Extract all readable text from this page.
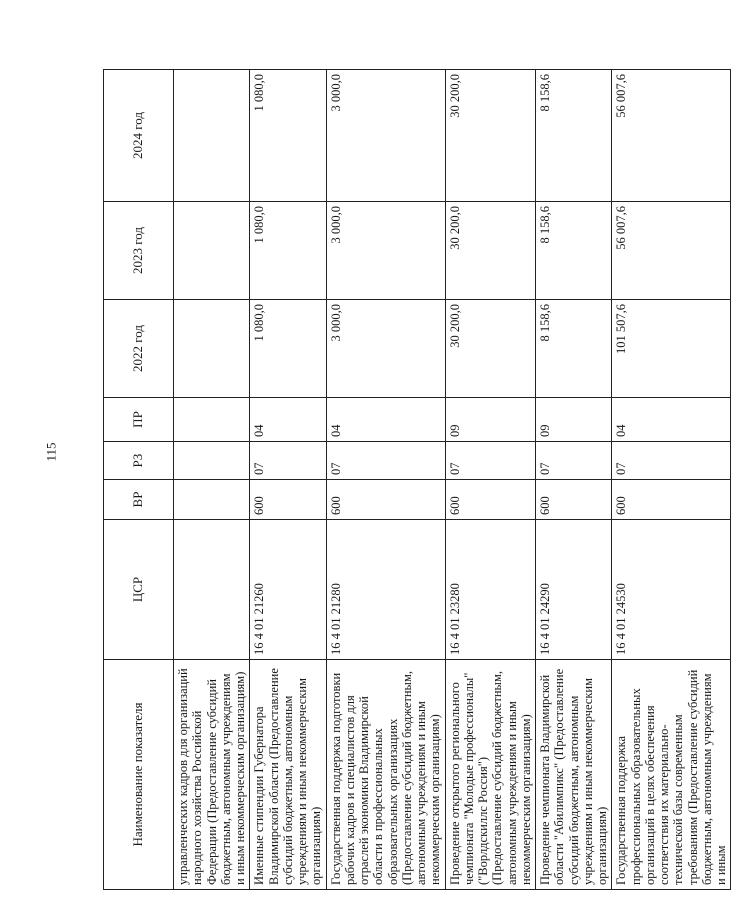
115
Наименование показателя	ЦСР	ВР	РЗ	ПР	2022 год	2023 год	2024 год
управленческих кадров для организаций народного хозяйства Российской Федерации (Предоставление субсидий бюджетным, автономным учреждениям и иным некоммерческим организациям)							
Именные стипендии Губернатора Владимирской области (Предоставление субсидий бюджетным, автономным учреждениям и иным некоммерческим организациям)	16 4 01 21260	600	07	04	1 080,0	1 080,0	1 080,0
Государственная поддержка подготовки рабочих кадров и специалистов для отраслей экономики Владимирской области в профессиональных образовательных организациях (Предоставление субсидий бюджетным, автономным учреждениям и иным некоммерческим организациям)	16 4 01 21280	600	07	04	3 000,0	3 000,0	3 000,0
Проведение открытого регионального чемпионата "Молодые профессионалы" ("Ворлдскиллс Россия") (Предоставление субсидий бюджетным, автономным учреждениям и иным некоммерческим организациям)	16 4 01 23280	600	07	09	30 200,0	30 200,0	30 200,0
Проведение чемпионата Владимирской области "Абилимпикс" (Предоставление субсидий бюджетным, автономным учреждениям и иным некоммерческим организациям)	16 4 01 24290	600	07	09	8 158,6	8 158,6	8 158,6
Государственная поддержка профессиональных образовательных организаций в целях обеспечения соответствия их материально-технической базы современным требованиям (Предоставление субсидий бюджетным, автономным учреждениям и иным	16 4 01 24530	600	07	04	101 507,6	56 007,6	56 007,6
